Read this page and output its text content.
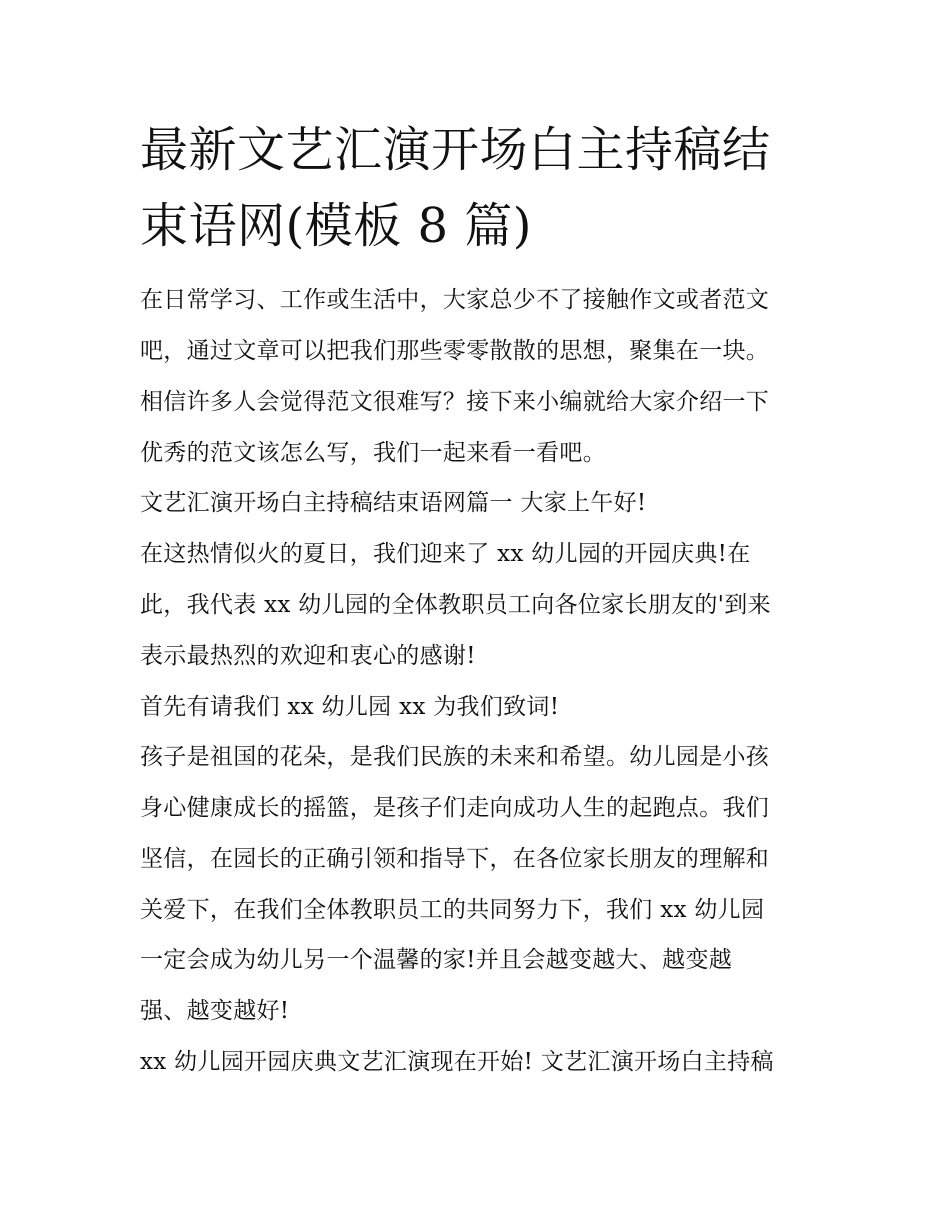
最新文艺汇演开场白主持稿结
束语网(模板 8 篇)
在日常学习、工作或生活中，大家总少不了接触作文或者范文
吧，通过文章可以把我们那些零零散散的思想，聚集在一块。
相信许多人会觉得范文很难写？接下来小编就给大家介绍一下
优秀的范文该怎么写，我们一起来看一看吧。
文艺汇演开场白主持稿结束语网篇一 大家上午好!
在这热情似火的夏日，我们迎来了 xx 幼儿园的开园庆典!在
此，我代表 xx 幼儿园的全体教职员工向各位家长朋友的'到来
表示最热烈的欢迎和衷心的感谢!
首先有请我们 xx 幼儿园 xx 为我们致词!
孩子是祖国的花朵，是我们民族的未来和希望。幼儿园是小孩
身心健康成长的摇篮，是孩子们走向成功人生的起跑点。我们
坚信，在园长的正确引领和指导下，在各位家长朋友的理解和
关爱下，在我们全体教职员工的共同努力下，我们 xx 幼儿园
一定会成为幼儿另一个温馨的家!并且会越变越大、越变越
强、越变越好!
xx 幼儿园开园庆典文艺汇演现在开始! 文艺汇演开场白主持稿
